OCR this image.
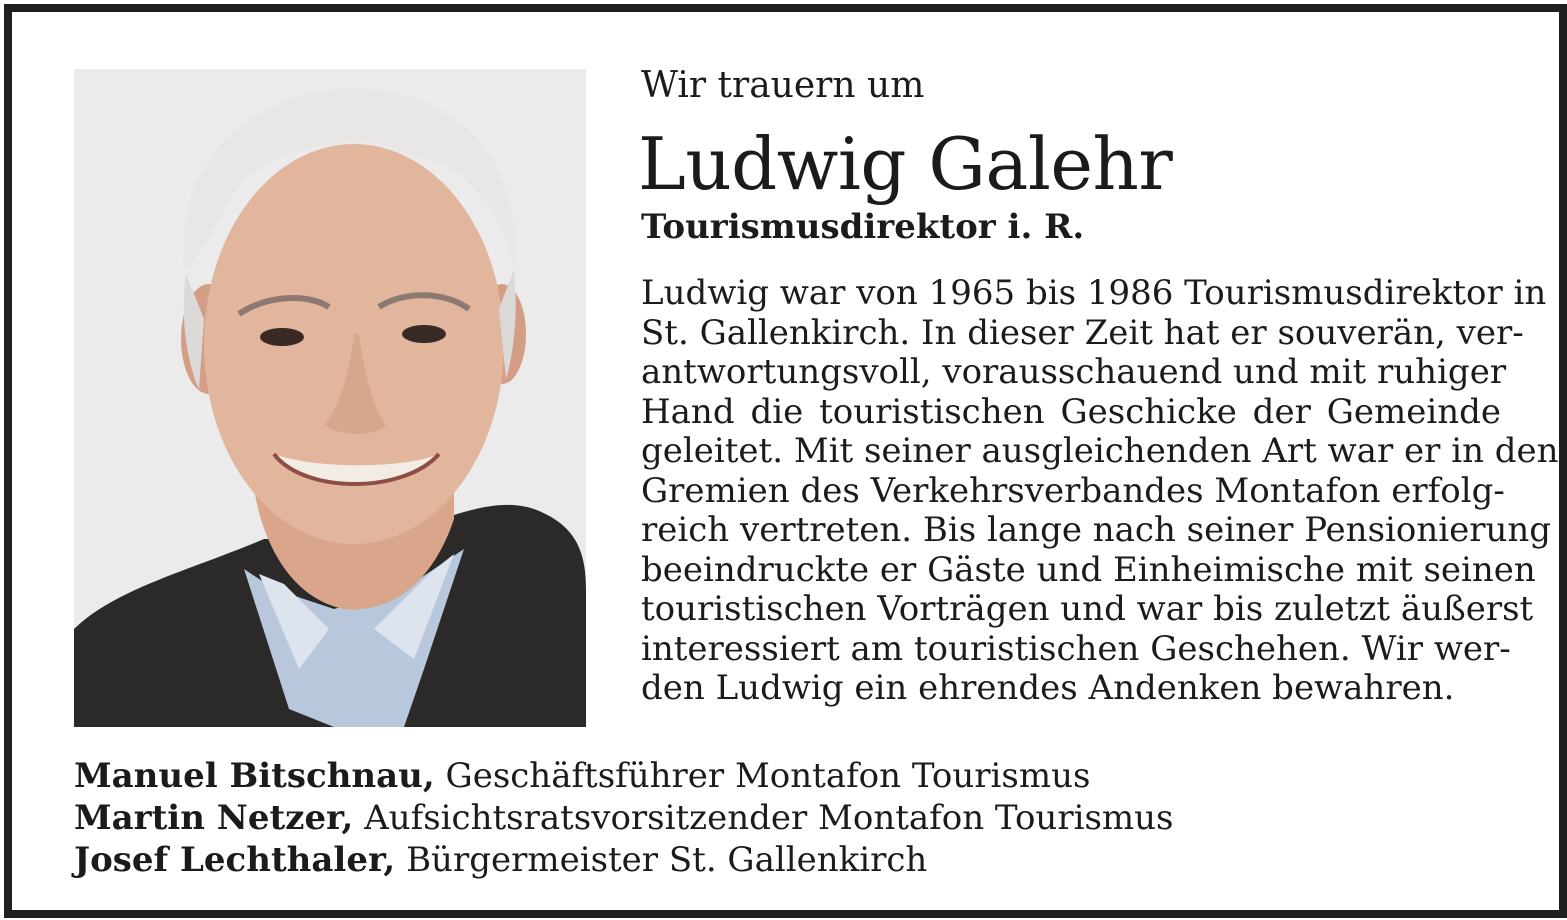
Wir trauern um
Ludwig Galehr
Tourismusdirektor i. R.
Ludwig war von 1965 bis 1986 Tourismusdirektor in
St. Gallenkirch. In dieser Zeit hat er souverän, ver-
antwortungsvoll, vorausschauend und mit ruhiger
Hand die touristischen Geschicke der Gemeinde
geleitet. Mit seiner ausgleichenden Art war er in den
Gremien des Verkehrsverbandes Montafon erfolg-
reich vertreten. Bis lange nach seiner Pensionierung
beeindruckte er Gäste und Einheimische mit seinen
touristischen Vorträgen und war bis zuletzt äußerst
interessiert am touristischen Geschehen. Wir wer-
den Ludwig ein ehrendes Andenken bewahren.
Manuel Bitschnau, Geschäftsführer Montafon Tourismus
Martin Netzer, Aufsichtsratsvorsitzender Montafon Tourismus
Josef Lechthaler, Bürgermeister St. Gallenkirch
